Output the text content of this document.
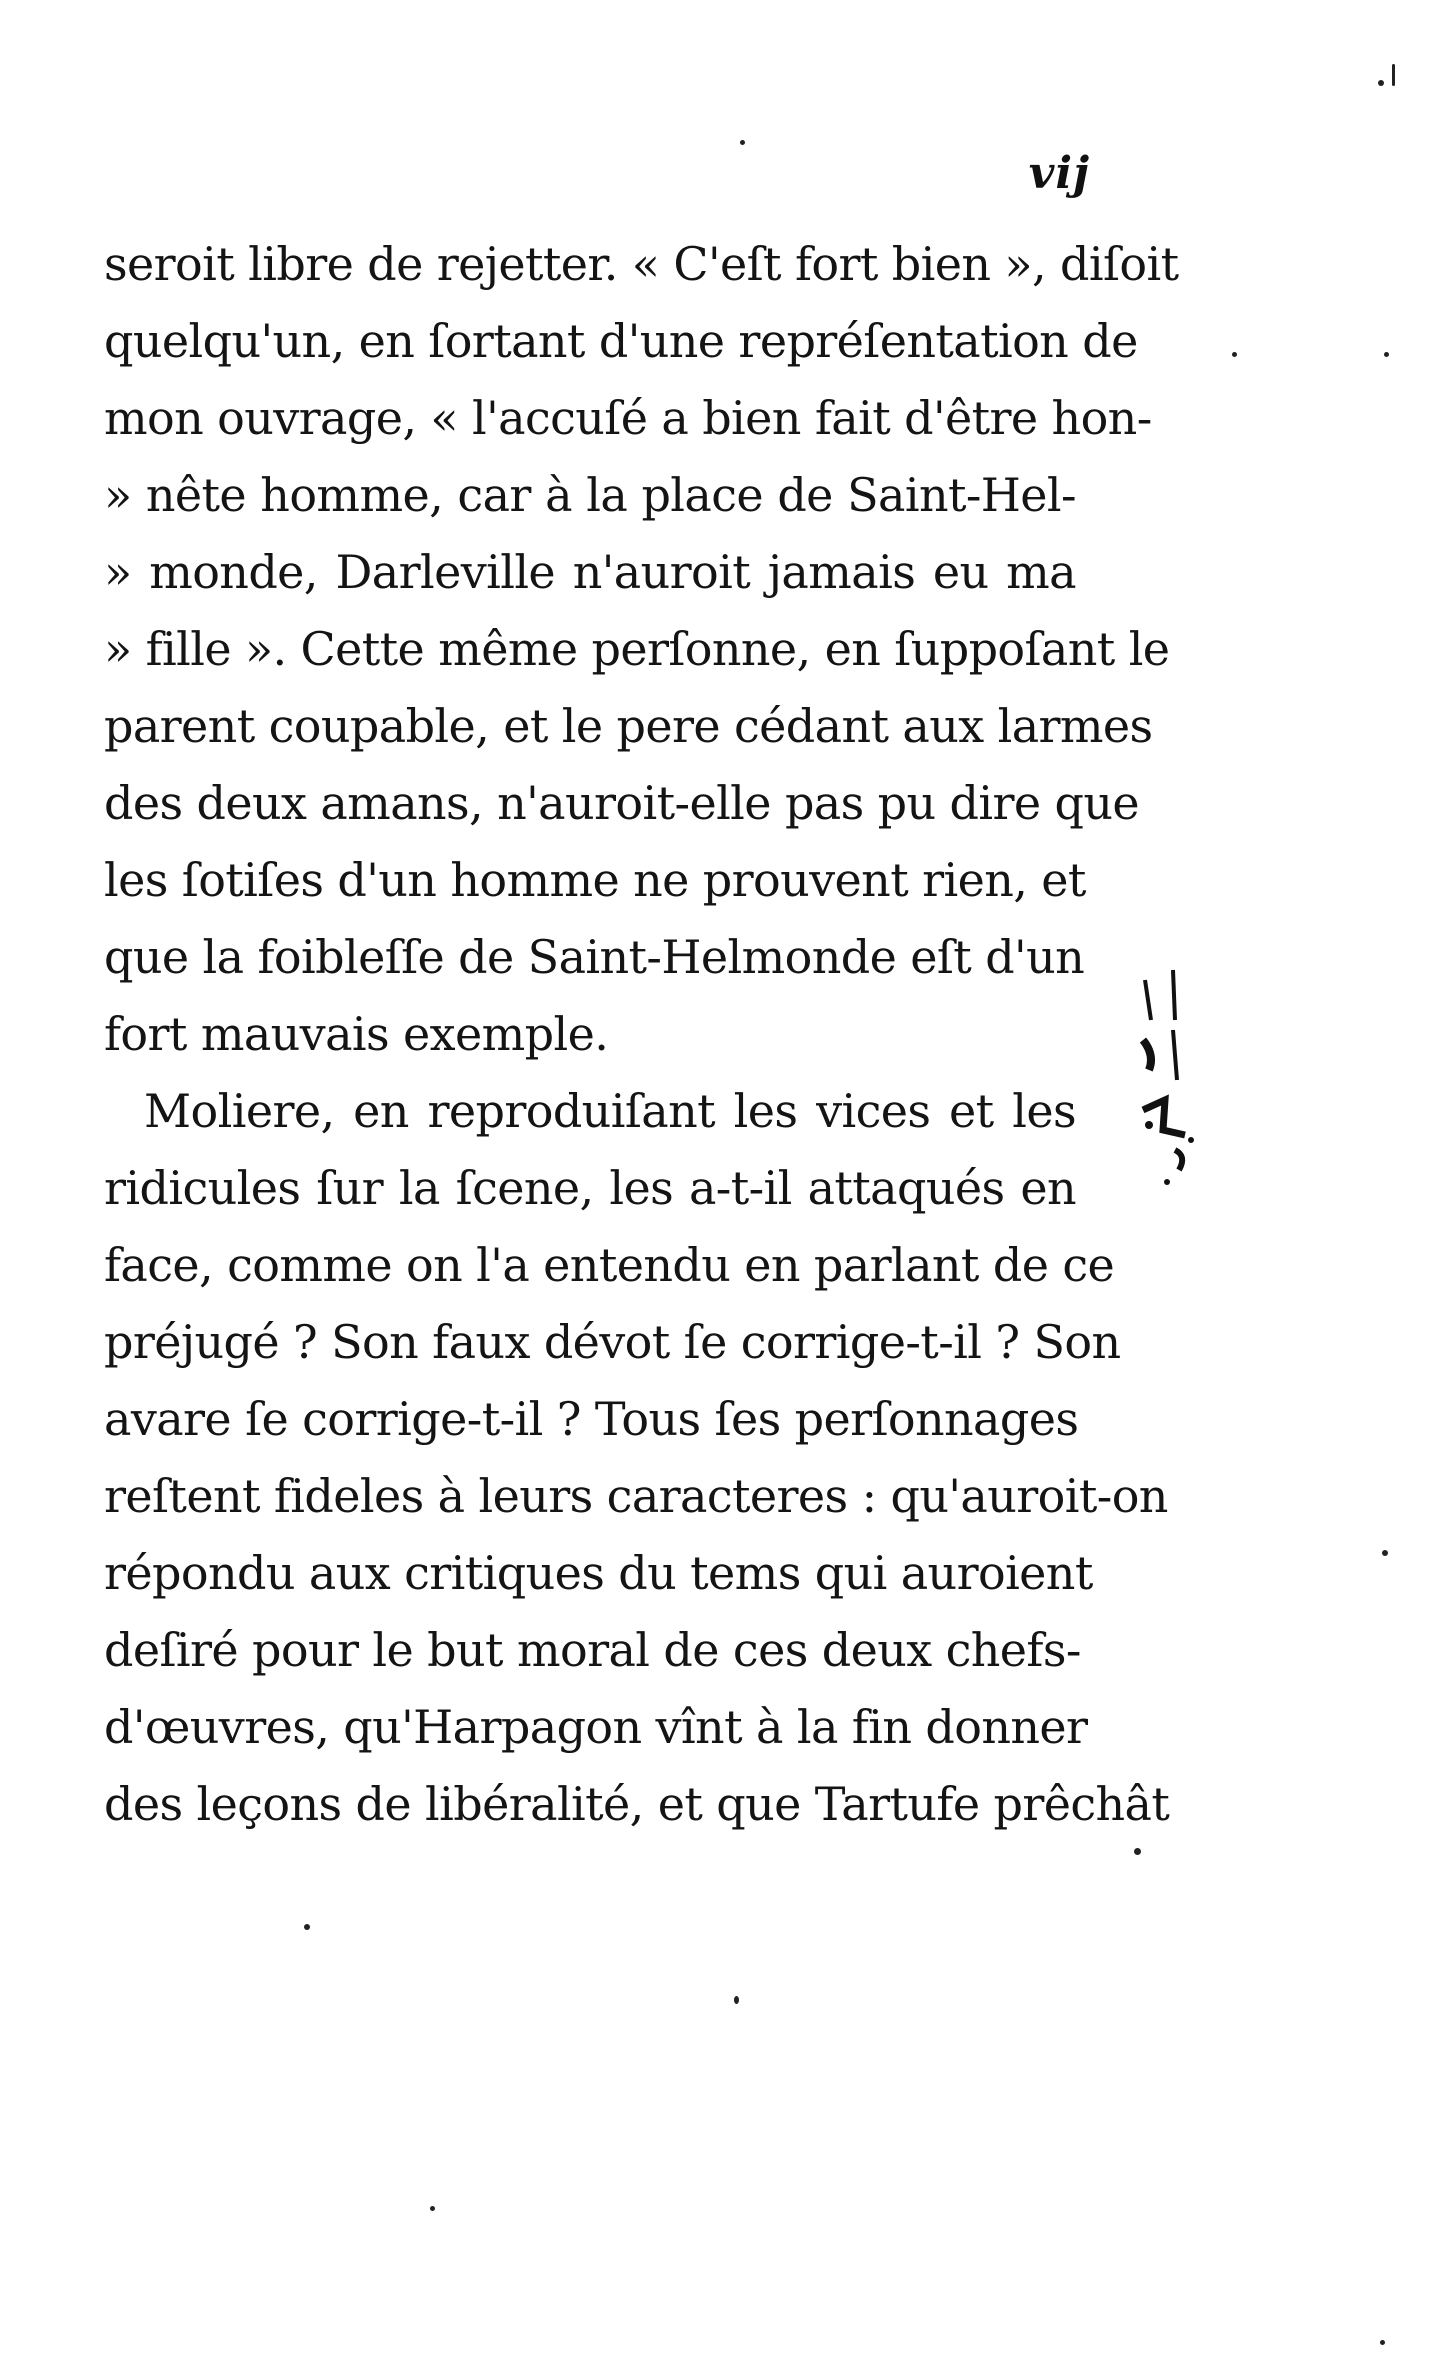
vij
seroit libre de rejetter. « C'eſt fort bien », diſoit
quelqu'un, en ſortant d'une repréſentation de
mon ouvrage, « l'accuſé a bien fait d'être hon-
» nête homme, car à la place de Saint-Hel-
» monde, Darleville n'auroit jamais eu ma
» fille ». Cette même perſonne, en ſuppoſant le
parent coupable, et le pere cédant aux larmes
des deux amans, n'auroit-elle pas pu dire que
les ſotiſes d'un homme ne prouvent rien, et
que la foibleſſe de Saint-Helmonde eſt d'un
fort mauvais exemple.
Moliere, en reproduiſant les vices et les
ridicules ſur la ſcene, les a-t-il attaqués en
face, comme on l'a entendu en parlant de ce
préjugé ? Son faux dévot ſe corrige-t-il ? Son
avare ſe corrige-t-il ? Tous ſes perſonnages
reſtent fideles à leurs caracteres : qu'auroit-on
répondu aux critiques du tems qui auroient
deſiré pour le but moral de ces deux chefs-
d'œuvres, qu'Harpagon vînt à la fin donner
des leçons de libéralité, et que Tartufe prêchât
